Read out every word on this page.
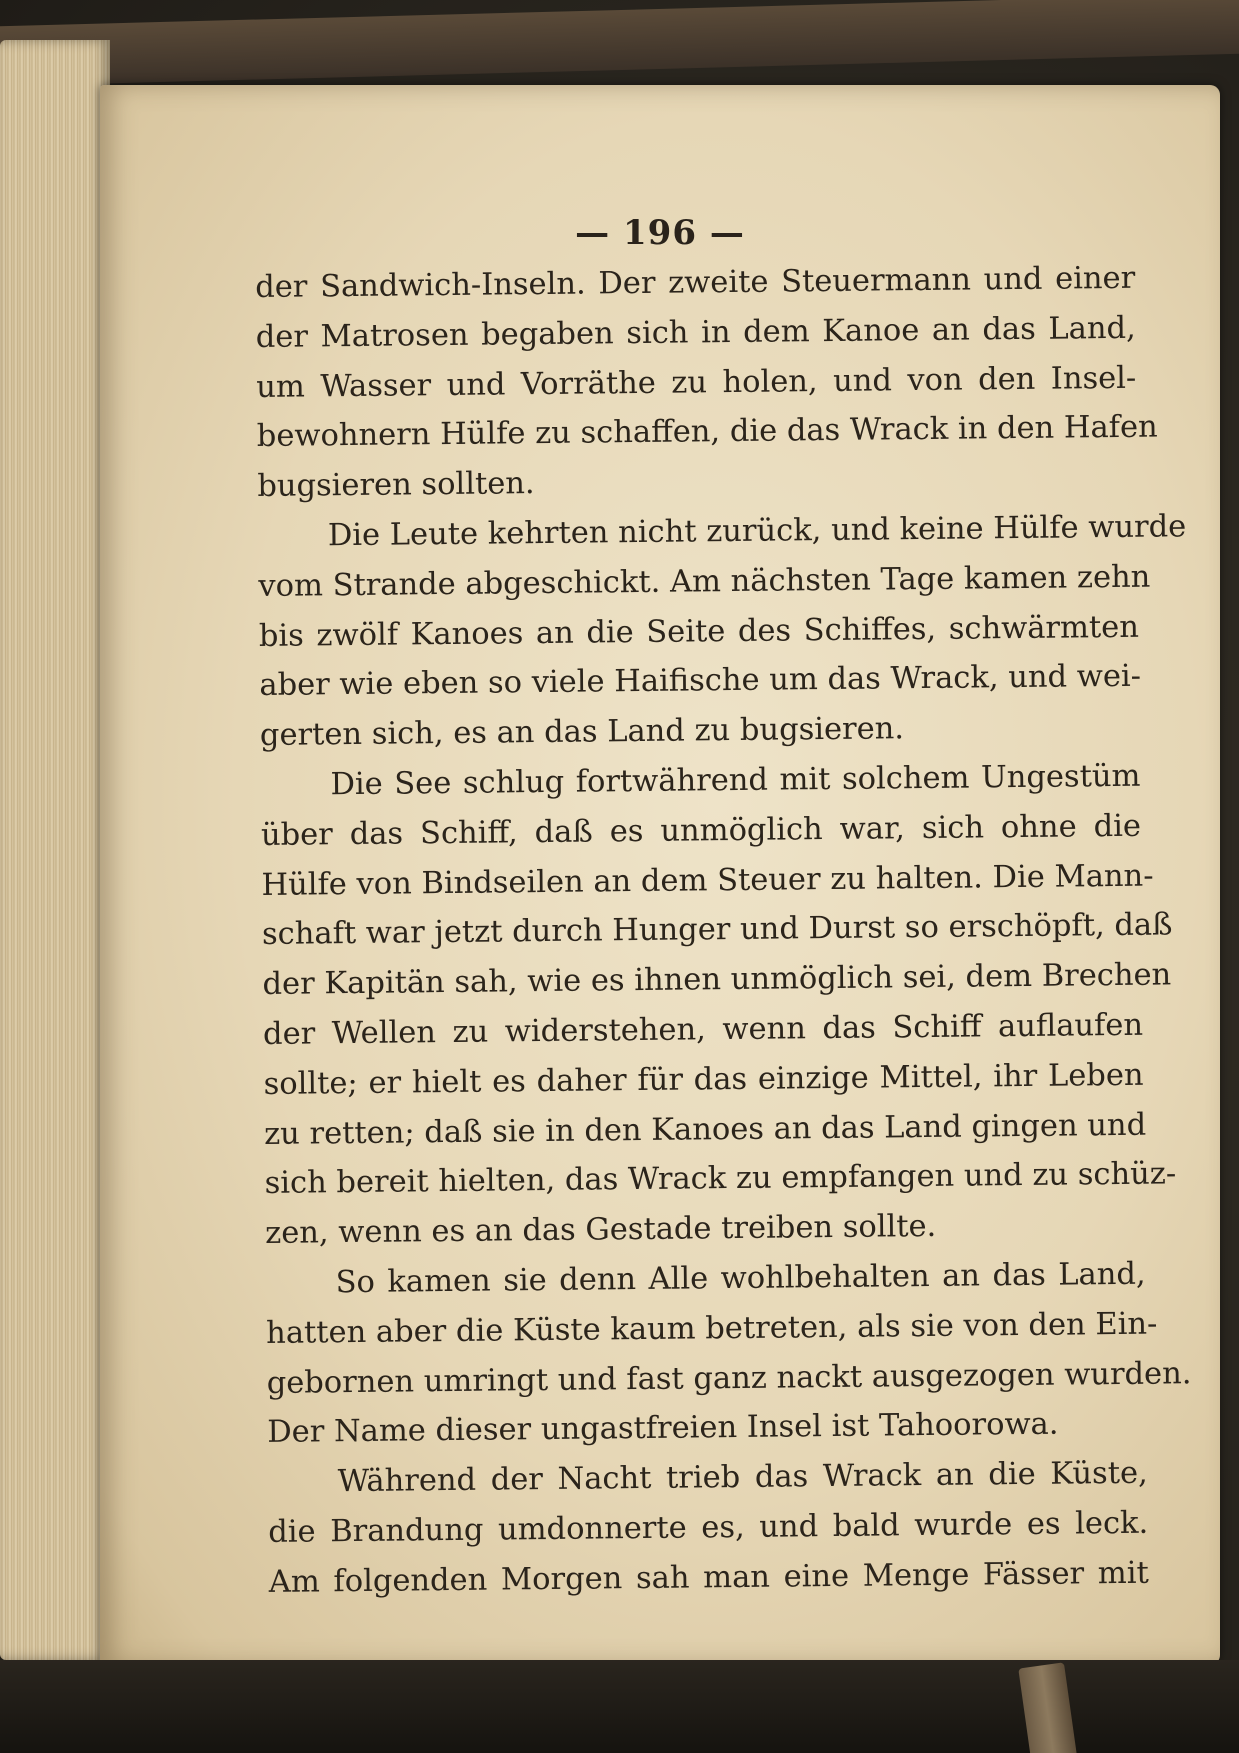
— 196 —
der Sandwich-Inseln. Der zweite Steuermann und einer
der Matrosen begaben sich in dem Kanoe an das Land,
um Wasser und Vorräthe zu holen, und von den Insel-
bewohnern Hülfe zu schaffen, die das Wrack in den Hafen
bugsieren sollten.
Die Leute kehrten nicht zurück, und keine Hülfe wurde
vom Strande abgeschickt. Am nächsten Tage kamen zehn
bis zwölf Kanoes an die Seite des Schiffes, schwärmten
aber wie eben so viele Haifische um das Wrack, und wei-
gerten sich, es an das Land zu bugsieren.
Die See schlug fortwährend mit solchem Ungestüm
über das Schiff, daß es unmöglich war, sich ohne die
Hülfe von Bindseilen an dem Steuer zu halten. Die Mann-
schaft war jetzt durch Hunger und Durst so erschöpft, daß
der Kapitän sah, wie es ihnen unmöglich sei, dem Brechen
der Wellen zu widerstehen, wenn das Schiff auflaufen
sollte; er hielt es daher für das einzige Mittel, ihr Leben
zu retten; daß sie in den Kanoes an das Land gingen und
sich bereit hielten, das Wrack zu empfangen und zu schüz-
zen, wenn es an das Gestade treiben sollte.
So kamen sie denn Alle wohlbehalten an das Land,
hatten aber die Küste kaum betreten, als sie von den Ein-
gebornen umringt und fast ganz nackt ausgezogen wurden.
Der Name dieser ungastfreien Insel ist Tahoorowa.
Während der Nacht trieb das Wrack an die Küste,
die Brandung umdonnerte es, und bald wurde es leck.
Am folgenden Morgen sah man eine Menge Fässer mit
